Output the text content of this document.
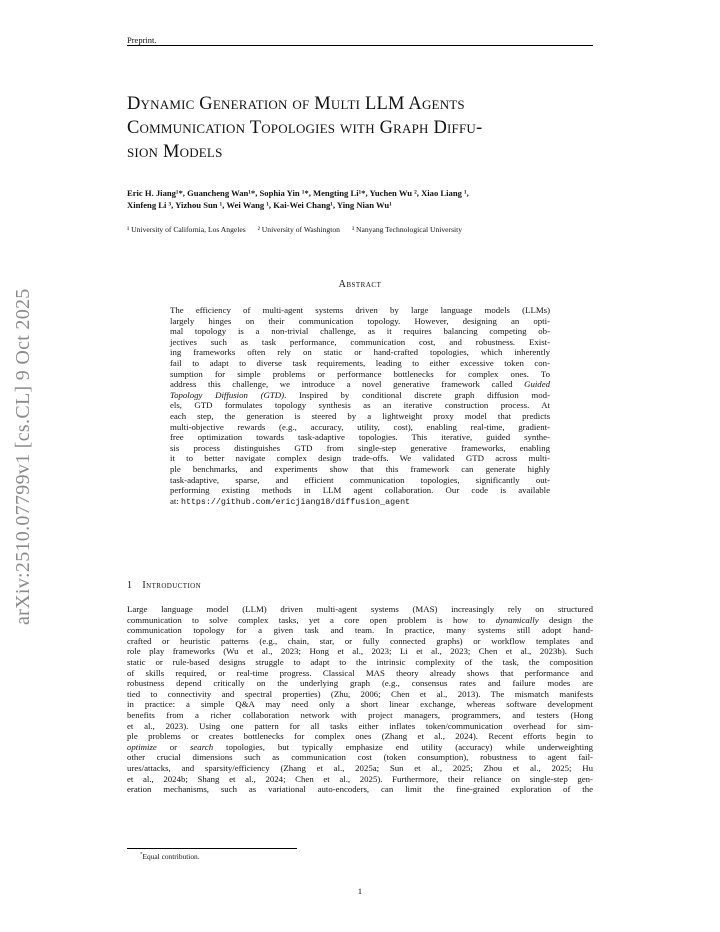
Preprint.
arXiv:2510.07799v1 [cs.CL] 9 Oct 2025
Dynamic Generation of Multi LLM Agents
Communication Topologies with Graph Diffu-
sion Models
Eric H. Jiang¹*, Guancheng Wan¹*, Sophia Yin ¹*, Mengting Li¹*, Yuchen Wu ², Xiao Liang ¹,
Xinfeng Li ³, Yizhou Sun ¹, Wei Wang ¹, Kai-Wei Chang¹, Ying Nian Wu¹
¹ University of California, Los Angeles ² University of Washington ³ Nanyang Technological University
Abstract
The efficiency of multi-agent systems driven by large language models (LLMs)
largely hinges on their communication topology. However, designing an opti-
mal topology is a non-trivial challenge, as it requires balancing competing ob-
jectives such as task performance, communication cost, and robustness. Exist-
ing frameworks often rely on static or hand-crafted topologies, which inherently
fail to adapt to diverse task requirements, leading to either excessive token con-
sumption for simple problems or performance bottlenecks for complex ones. To
address this challenge, we introduce a novel generative framework called Guided
Topology Diffusion (GTD). Inspired by conditional discrete graph diffusion mod-
els, GTD formulates topology synthesis as an iterative construction process. At
each step, the generation is steered by a lightweight proxy model that predicts
multi-objective rewards (e.g., accuracy, utility, cost), enabling real-time, gradient-
free optimization towards task-adaptive topologies. This iterative, guided synthe-
sis process distinguishes GTD from single-step generative frameworks, enabling
it to better navigate complex design trade-offs. We validated GTD across multi-
ple benchmarks, and experiments show that this framework can generate highly
task-adaptive, sparse, and efficient communication topologies, significantly out-
performing existing methods in LLM agent collaboration. Our code is available
at: https://github.com/ericjiang18/diffusion_agent
1 Introduction
Large language model (LLM) driven multi-agent systems (MAS) increasingly rely on structured
communication to solve complex tasks, yet a core open problem is how to dynamically design the
communication topology for a given task and team. In practice, many systems still adopt hand-
crafted or heuristic patterns (e.g., chain, star, or fully connected graphs) or workflow templates and
role play frameworks (Wu et al., 2023; Hong et al., 2023; Li et al., 2023; Chen et al., 2023b). Such
static or rule-based designs struggle to adapt to the intrinsic complexity of the task, the composition
of skills required, or real-time progress. Classical MAS theory already shows that performance and
robustness depend critically on the underlying graph (e.g., consensus rates and failure modes are
tied to connectivity and spectral properties) (Zhu, 2006; Chen et al., 2013). The mismatch manifests
in practice: a simple Q&A may need only a short linear exchange, whereas software development
benefits from a richer collaboration network with project managers, programmers, and testers (Hong
et al., 2023). Using one pattern for all tasks either inflates token/communication overhead for sim-
ple problems or creates bottlenecks for complex ones (Zhang et al., 2024). Recent efforts begin to
optimize or search topologies, but typically emphasize end utility (accuracy) while underweighting
other crucial dimensions such as communication cost (token consumption), robustness to agent fail-
ures/attacks, and sparsity/efficiency (Zhang et al., 2025a; Sun et al., 2025; Zhou et al., 2025; Hu
et al., 2024b; Shang et al., 2024; Chen et al., 2025). Furthermore, their reliance on single-step gen-
eration mechanisms, such as variational auto-encoders, can limit the fine-grained exploration of the
*Equal contribution.
1
